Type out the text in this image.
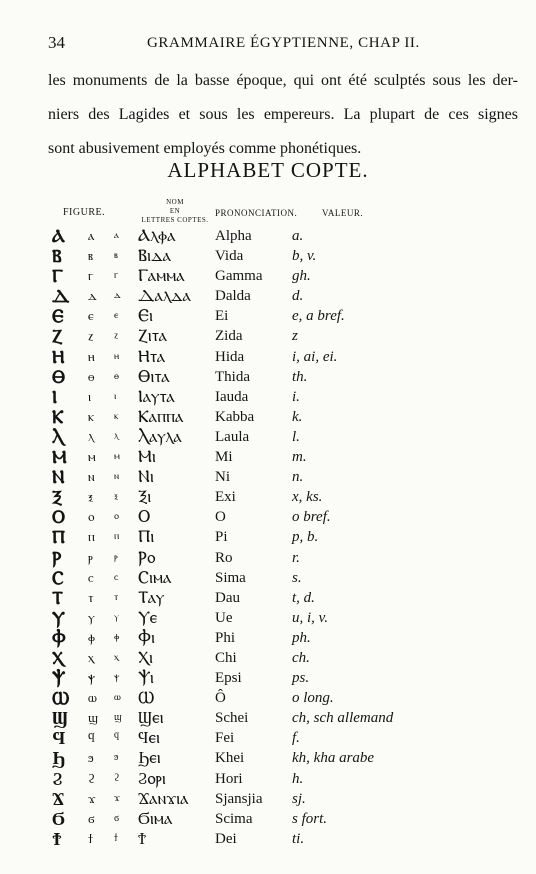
34	GRAMMAIRE ÉGYPTIENNE, CHAP II.
les monuments de la basse époque, qui ont été sculptés sous les der-
niers des Lagides et sous les empereurs. La plupart de ces signes
sont abusivement employés comme phonétiques.
ALPHABET COPTE.
FIGURE.
NOM
EN
LETTRES COPTES.
PRONONCIATION.	VALEUR.
Ⲁ ⲁ ⲁ Ⲁⲗⲫⲁ	Alpha	a.
Ⲃ ⲃ ⲃ Ⲃⲓⲇⲁ	Vida	b, v.
Ⲅ ⲅ ⲅ Ⲅⲁⲙⲙⲁ Gamma gh.
Ⲇ ⲇ ⲇ Ⲇⲁⲗⲇⲁ Dalda	d.
Ⲉ ⲉ ⲉ Ⲉⲓ	Ei	e, a bref.
Ⲍ ⲍ ⲍ Ⲍⲓⲧⲁ	Zida	z
Ⲏ ⲏ ⲏ Ⲏⲧⲁ	Hida	i, ai, ei.
Ⲑ ⲑ ⲑ Ⲑⲓⲧⲁ	Thida	th.
Ⲓ ⲓ ⲓ Ⲓⲁⲩⲧⲁ	Iauda	i.
Ⲕ ⲕ ⲕ Ⲕⲁⲡⲡⲁ Kabba	k.
Ⲗ ⲗ ⲗ Ⲗⲁⲩⲗⲁ Laula	l.
Ⲙ ⲙ ⲙ Ⲙⲓ	Mi	m.
Ⲛ ⲛ ⲛ Ⲛⲓ	Ni	n.
Ⲝ ⲝ ⲝ Ⲝⲓ	Exi	x, ks.
Ⲟ ⲟ ⲟ Ⲟ	O	o bref.
Ⲡ ⲡ ⲡ Ⲡⲓ	Pi	p, b.
Ⲣ ⲣ ⲣ Ⲣⲟ	Ro	r.
Ⲥ ⲥ ⲥ Ⲥⲓⲙⲁ	Sima	s.
Ⲧ ⲧ ⲧ Ⲧⲁⲩ	Dau	t, d.
Ⲩ ⲩ ⲩ Ⲩⲉ	Ue	u, i, v.
Ⲫ ⲫ ⲫ Ⲫⲓ	Phi	ph.
Ⲭ ⲭ ⲭ Ⲭⲓ	Chi	ch.
Ⲯ ⲯ ⲯ Ⲯⲓ	Epsi	ps.
Ⲱ ⲱ ⲱ Ⲱ	Ô	o long.
Ϣ ϣ ϣ Ϣⲉⲓ	Schei	ch, sch allemand
Ϥ ϥ ϥ Ϥⲉⲓ	Fei	f.
Ϧ ϧ ϧ Ϧⲉⲓ	Khei	kh, kha arabe
Ϩ ϩ ϩ Ϩⲟⲣⲓ	Hori	h.
Ϫ ϫ ϫ Ϫⲁⲛϫⲓⲁ Sjansjia sj.
Ϭ ϭ ϭ Ϭⲓⲙⲁ	Scima	s fort.
Ϯ ϯ ϯ Ϯ	Dei	ti.
